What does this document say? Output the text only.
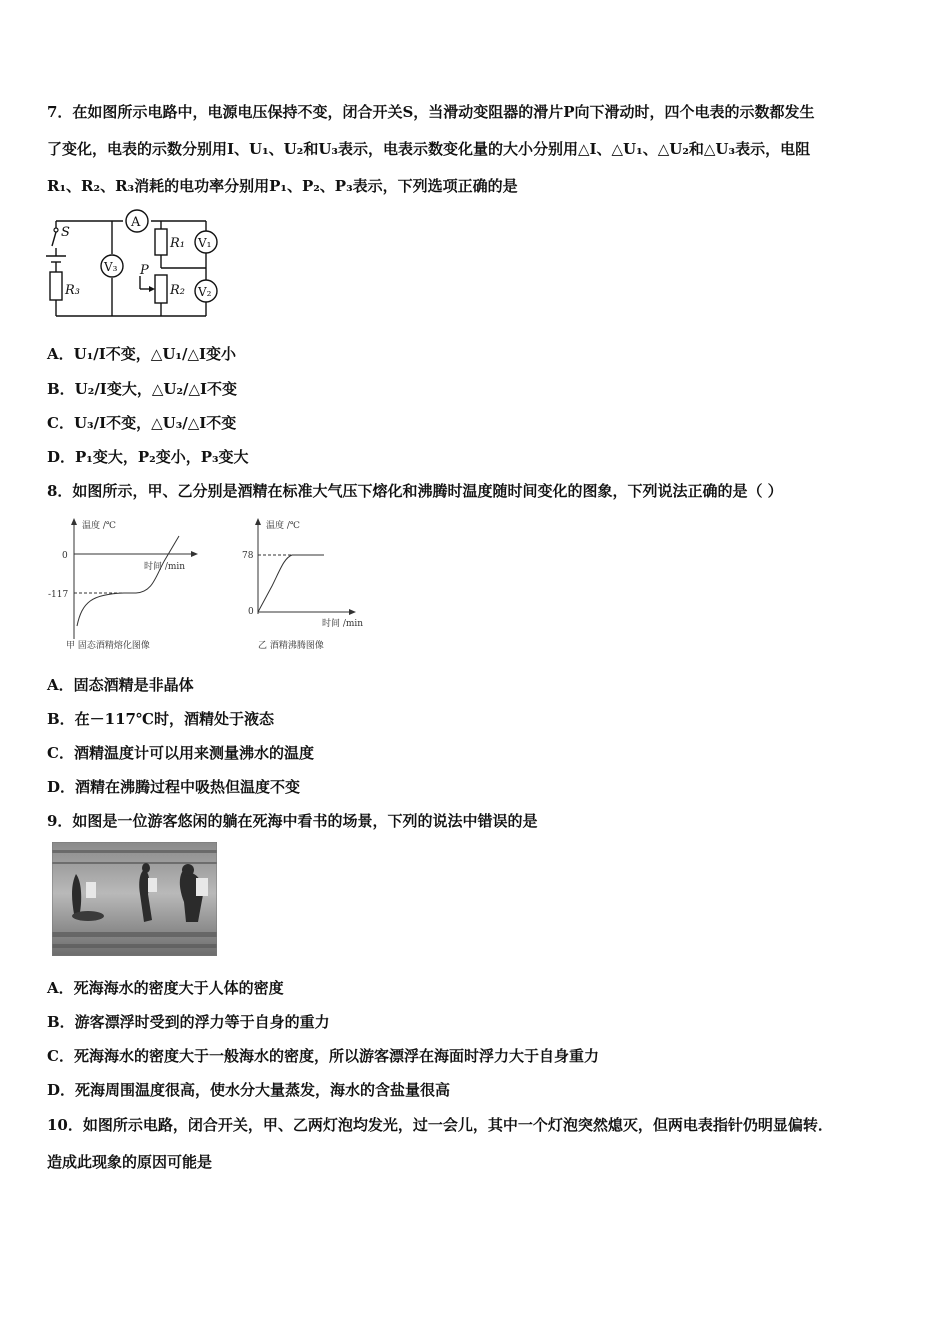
7．在如图所示电路中，电源电压保持不变，闭合开关S，当滑动变阻器的滑片P向下滑动时，四个电表的示数都发生
了变化，电表的示数分别用I、U₁、U₂和U₃表示，电表示数变化量的大小分别用△I、△U₁、△U₂和△U₃表示，电阻
R₁、R₂、R₃消耗的电功率分别用P₁、P₂、P₃表示，下列选项正确的是
S
A
V₃
V₁
V₂
R₁
R₂
R₃
P
A．U₁/I不变，△U₁/△I变小
B．U₂/I变大，△U₂/△I不变
C．U₃/I不变，△U₃/△I不变
D．P₁变大，P₂变小，P₃变大
8．如图所示，甲、乙分别是酒精在标准大气压下熔化和沸腾时温度随时间变化的图象，下列说法正确的是（ ）
温度 /℃
0
-117
时间 /min
甲 固态酒精熔化图像
温度 /℃
78
0
时间 /min
乙 酒精沸腾图像
A．固态酒精是非晶体
B．在－117℃时，酒精处于液态
C．酒精温度计可以用来测量沸水的温度
D．酒精在沸腾过程中吸热但温度不变
9．如图是一位游客悠闲的躺在死海中看书的场景，下列的说法中错误的是
A．死海海水的密度大于人体的密度
B．游客漂浮时受到的浮力等于自身的重力
C．死海海水的密度大于一般海水的密度，所以游客漂浮在海面时浮力大于自身重力
D．死海周围温度很高，使水分大量蒸发，海水的含盐量很高
10．如图所示电路，闭合开关，甲、乙两灯泡均发光，过一会儿，其中一个灯泡突然熄灭，但两电表指针仍明显偏转．
造成此现象的原因可能是
